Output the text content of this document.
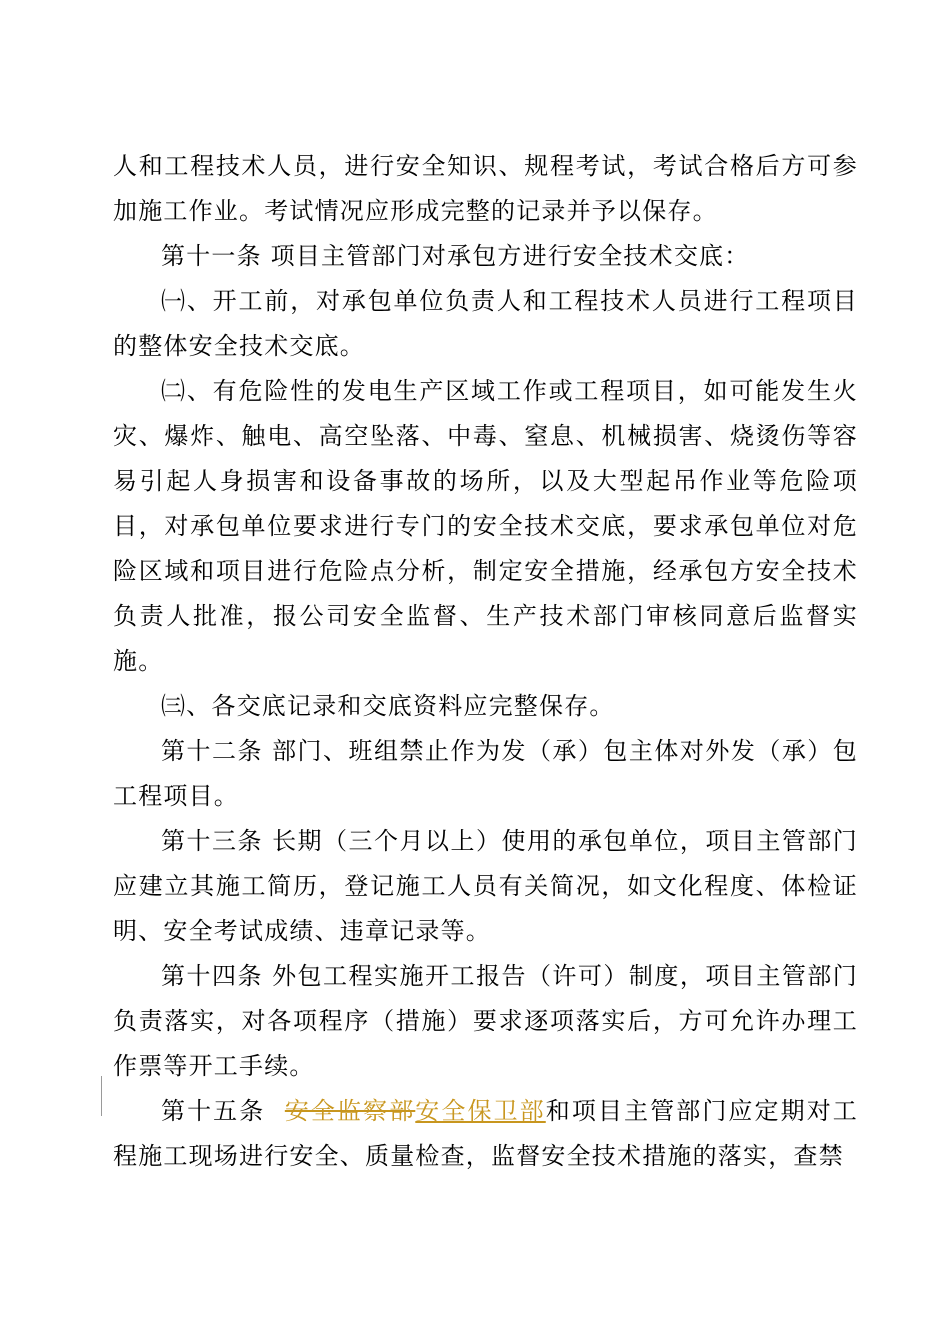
人和工程技术人员，进行安全知识、规程考试，考试合格后方可参加施工作业。考试情况应形成完整的记录并予以保存。

第十一条 项目主管部门对承包方进行安全技术交底：

㈠、开工前，对承包单位负责人和工程技术人员进行工程项目的整体安全技术交底。

㈡、有危险性的发电生产区域工作或工程项目，如可能发生火灾、爆炸、触电、高空坠落、中毒、窒息、机械损害、烧烫伤等容易引起人身损害和设备事故的场所，以及大型起吊作业等危险项目，对承包单位要求进行专门的安全技术交底，要求承包单位对危险区域和项目进行危险点分析，制定安全措施，经承包方安全技术负责人批准，报公司安全监督、生产技术部门审核同意后监督实施。

㈢、各交底记录和交底资料应完整保存。

第十二条 部门、班组禁止作为发（承）包主体对外发（承）包工程项目。

第十三条 长期（三个月以上）使用的承包单位，项目主管部门应建立其施工简历，登记施工人员有关简况，如文化程度、体检证明、安全考试成绩、违章记录等。

第十四条 外包工程实施开工报告（许可）制度，项目主管部门负责落实，对各项程序（措施）要求逐项落实后，方可允许办理工作票等开工手续。

第十五条  安全监察部安全保卫部和项目主管部门应定期对工程施工现场进行安全、质量检查，监督安全技术措施的落实，查禁
